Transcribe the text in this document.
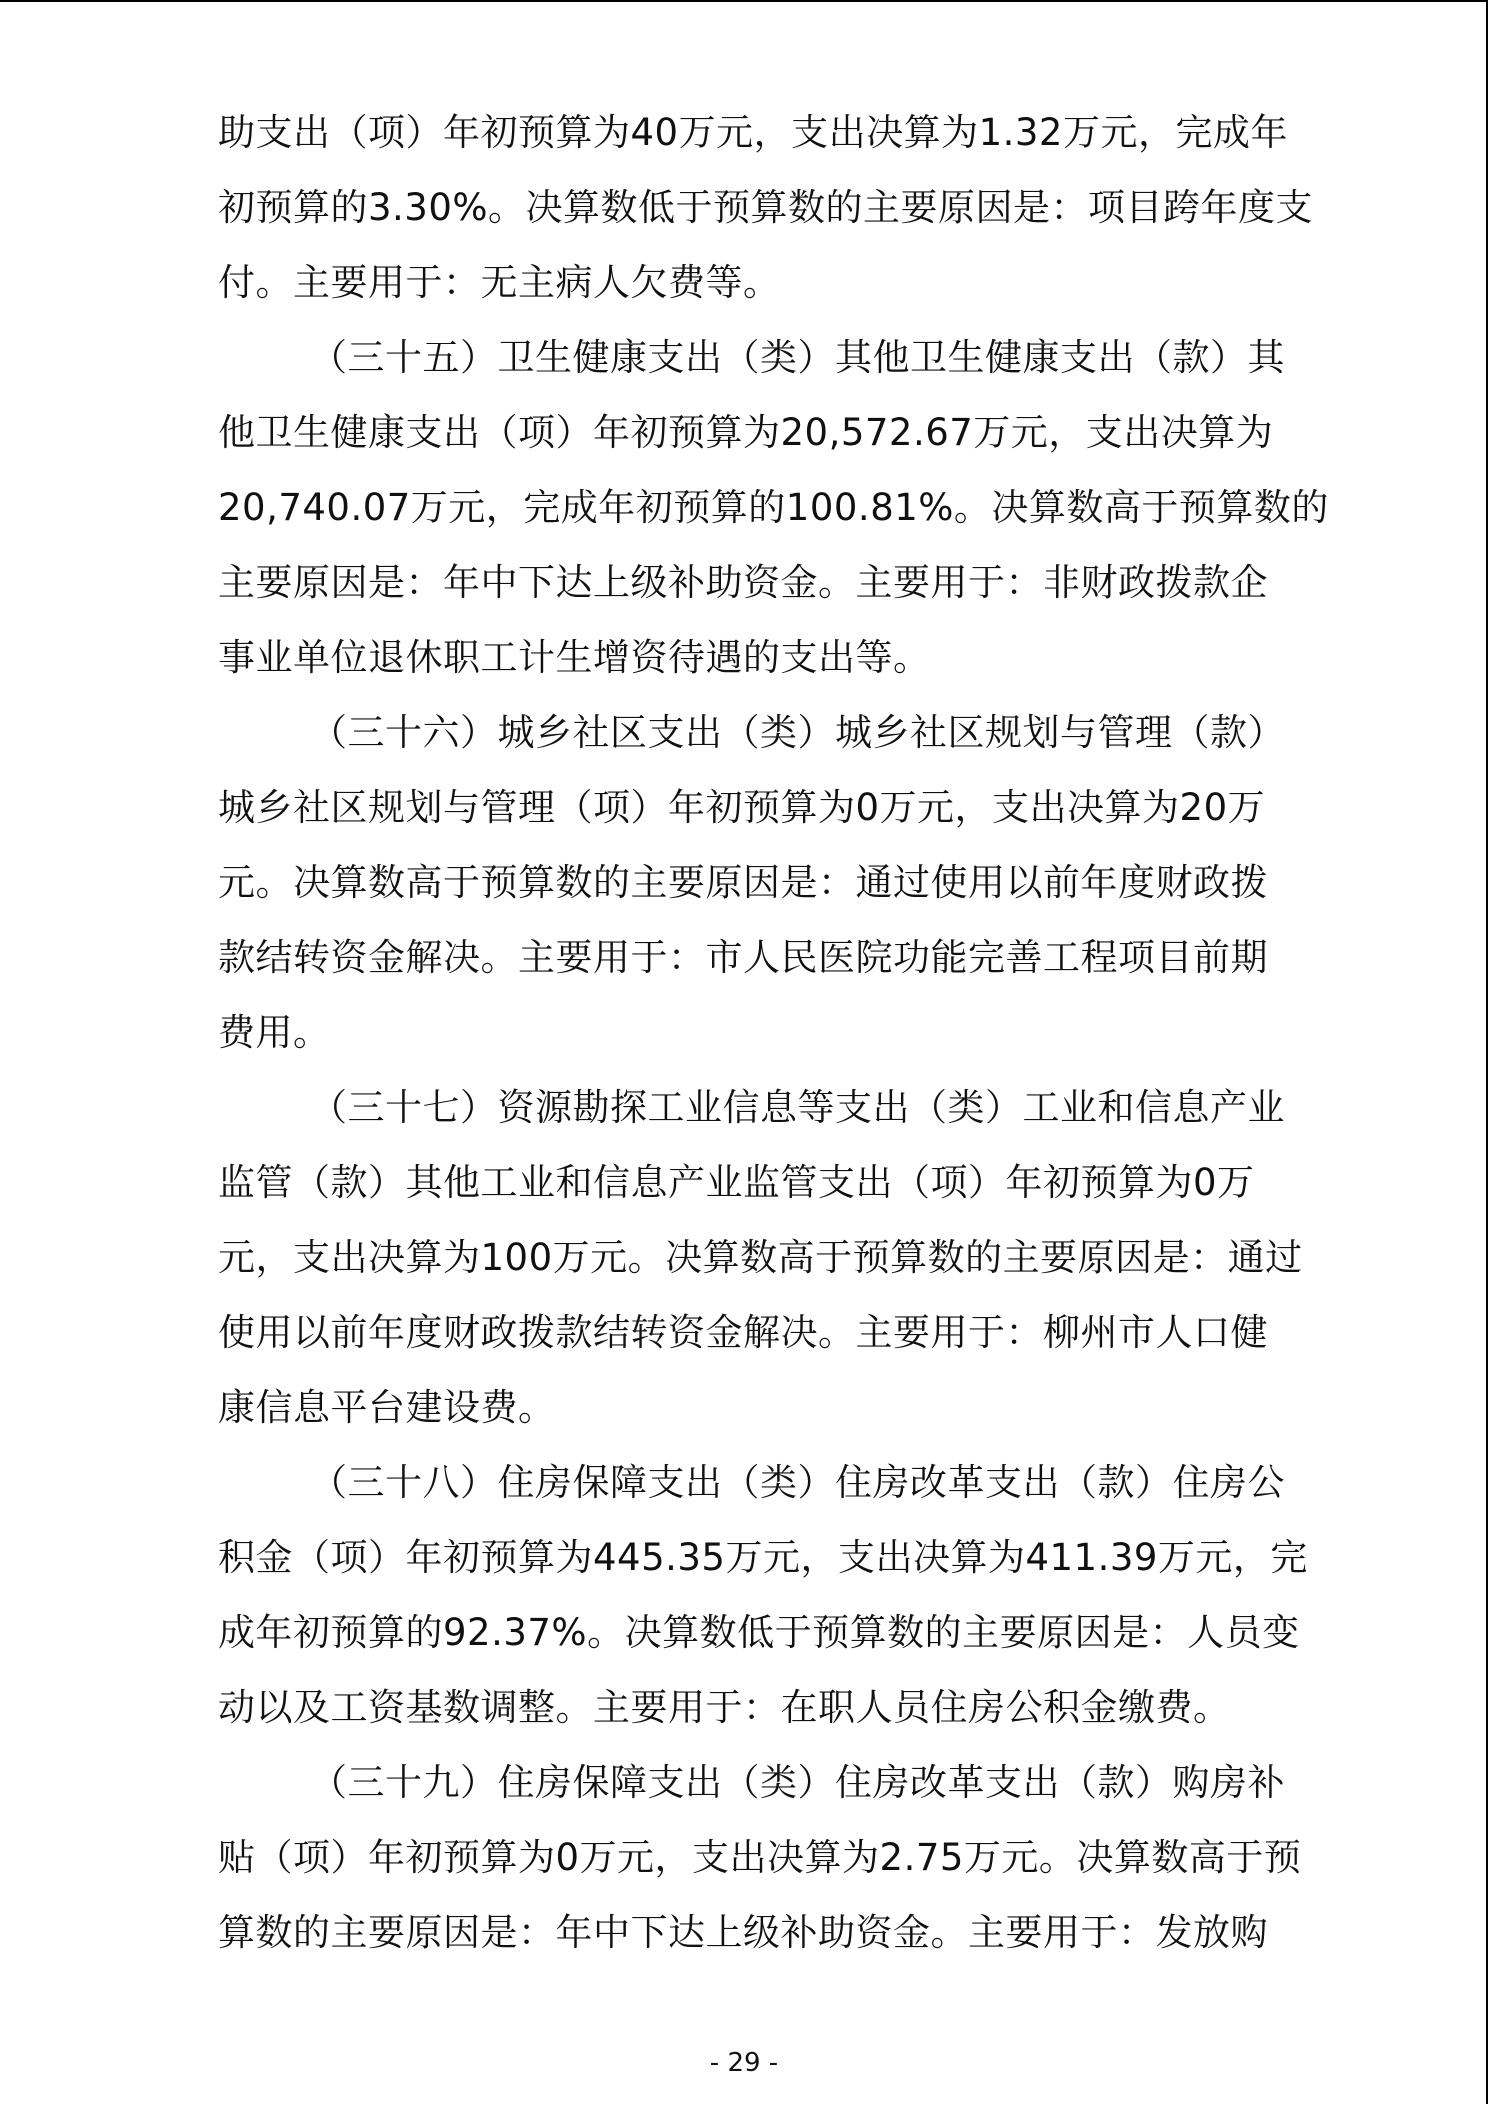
助支出（项）年初预算为40万元，支出决算为1.32万元，完成年
初预算的3.30%。决算数低于预算数的主要原因是：项目跨年度支
付。主要用于：无主病人欠费等。
（三十五）卫生健康支出（类）其他卫生健康支出（款）其
他卫生健康支出（项）年初预算为20,572.67万元，支出决算为
20,740.07万元，完成年初预算的100.81%。决算数高于预算数的
主要原因是：年中下达上级补助资金。主要用于：非财政拨款企
事业单位退休职工计生增资待遇的支出等。
（三十六）城乡社区支出（类）城乡社区规划与管理（款）
城乡社区规划与管理（项）年初预算为0万元，支出决算为20万
元。决算数高于预算数的主要原因是：通过使用以前年度财政拨
款结转资金解决。主要用于：市人民医院功能完善工程项目前期
费用。
（三十七）资源勘探工业信息等支出（类）工业和信息产业
监管（款）其他工业和信息产业监管支出（项）年初预算为0万
元，支出决算为100万元。决算数高于预算数的主要原因是：通过
使用以前年度财政拨款结转资金解决。主要用于：柳州市人口健
康信息平台建设费。
（三十八）住房保障支出（类）住房改革支出（款）住房公
积金（项）年初预算为445.35万元，支出决算为411.39万元，完
成年初预算的92.37%。决算数低于预算数的主要原因是：人员变
动以及工资基数调整。主要用于：在职人员住房公积金缴费。
（三十九）住房保障支出（类）住房改革支出（款）购房补
贴（项）年初预算为0万元，支出决算为2.75万元。决算数高于预
算数的主要原因是：年中下达上级补助资金。主要用于：发放购
- 29 -
